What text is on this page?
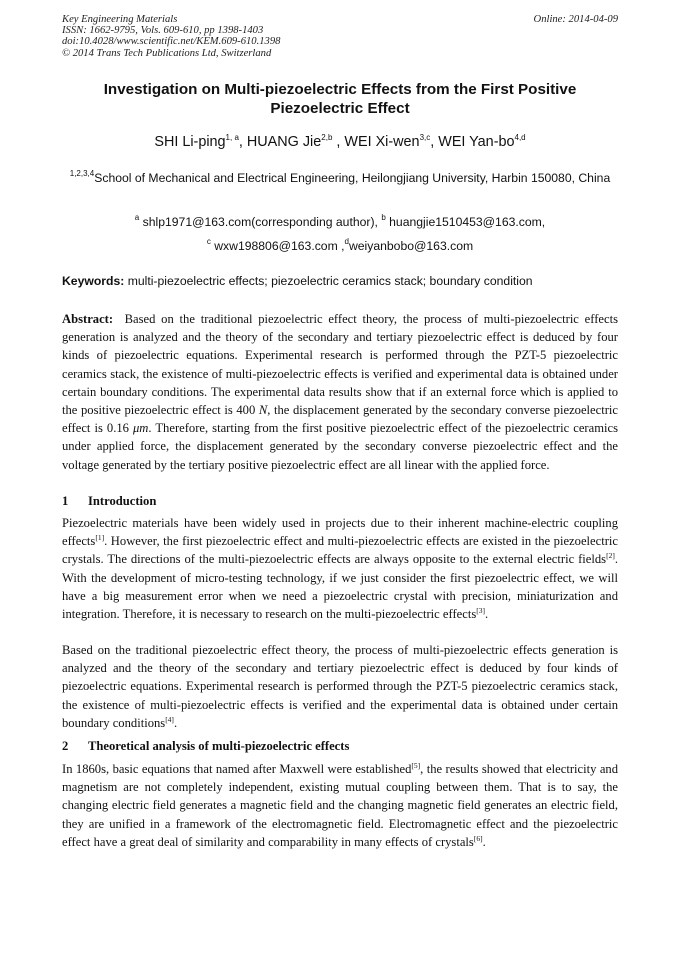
Key Engineering Materials
ISSN: 1662-9795, Vols. 609-610, pp 1398-1403
doi:10.4028/www.scientific.net/KEM.609-610.1398
© 2014 Trans Tech Publications Ltd, Switzerland
Online: 2014-04-09
Investigation on Multi-piezoelectric Effects from the First Positive Piezoelectric Effect
SHI Li-ping$^{1, a}$, HUANG Jie$^{2,b}$ , WEI Xi-wen$^{3,c}$, WEI Yan-bo$^{4,d}$
$^{1,2,3,4}$School of Mechanical and Electrical Engineering, Heilongjiang University, Harbin 150080, China
$^a$ shlp1971@163.com(corresponding author), $^b$ huangjie1510453@163.com,
$^c$ wxw198806@163.com ,$^d$weiyanbobo@163.com
Keywords: multi-piezoelectric effects; piezoelectric ceramics stack; boundary condition
Abstract: Based on the traditional piezoelectric effect theory, the process of multi-piezoelectric effects generation is analyzed and the theory of the secondary and tertiary piezoelectric effect is deduced by four kinds of piezoelectric equations. Experimental research is performed through the PZT-5 piezoelectric ceramics stack, the existence of multi-piezoelectric effects is verified and experimental data is obtained under certain boundary conditions. The experimental data results show that if an external force which is applied to the positive piezoelectric effect is 400 N, the displacement generated by the secondary converse piezoelectric effect is 0.16 μm. Therefore, starting from the first positive piezoelectric effect of the piezoelectric ceramics under applied force, the displacement generated by the secondary converse piezoelectric effect and the voltage generated by the tertiary positive piezoelectric effect are all linear with the applied force.
1 Introduction
Piezoelectric materials have been widely used in projects due to their inherent machine-electric coupling effects[1]. However, the first piezoelectric effect and multi-piezoelectric effects are existed in the piezoelectric crystals. The directions of the multi-piezoelectric effects are always opposite to the external electric fields[2]. With the development of micro-testing technology, if we just consider the first piezoelectric effect, we will have a big measurement error when we need a piezoelectric crystal with precision, miniaturization and integration. Therefore, it is necessary to research on the multi-piezoelectric effects[3].
Based on the traditional piezoelectric effect theory, the process of multi-piezoelectric effects generation is analyzed and the theory of the secondary and tertiary piezoelectric effect is deduced by four kinds of piezoelectric equations. Experimental research is performed through the PZT-5 piezoelectric ceramics stack, the existence of multi-piezoelectric effects is verified and the experimental data is obtained under certain boundary conditions[4].
2 Theoretical analysis of multi-piezoelectric effects
In 1860s, basic equations that named after Maxwell were established[5], the results showed that electricity and magnetism are not completely independent, existing mutual coupling between them. That is to say, the changing electric field generates a magnetic field and the changing magnetic field generates an electric field, they are unified in a framework of the electromagnetic field. Electromagnetic effect and the piezoelectric effect have a great deal of similarity and comparability in many effects of crystals[6].
